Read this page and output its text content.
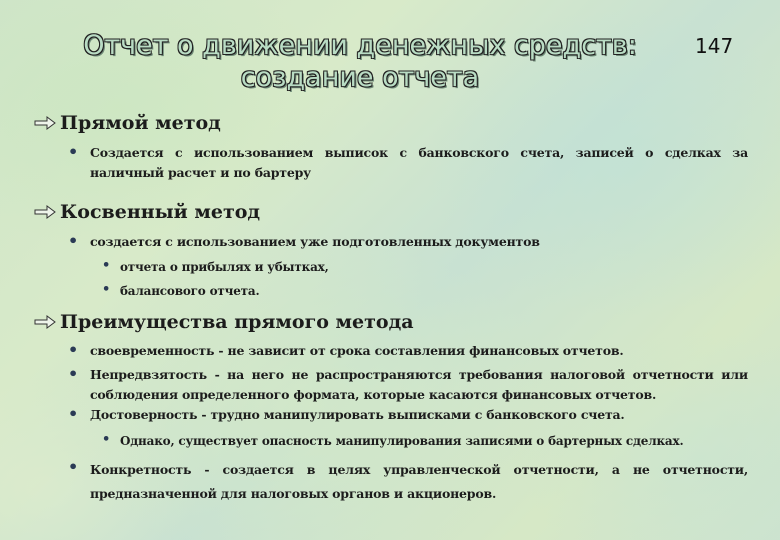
Отчет о движении денежных средств:
создание отчета
147
Прямой метод
• Создается с использованием выписок с банковского счета, записей о сделках за наличный расчет и по бартеру
Косвенный метод
• создается с использованием уже подготовленных документов
• отчета о прибылях и убытках,
• балансового отчета.
Преимущества прямого метода
• своевременность - не зависит от срока составления финансовых отчетов.
• Непредвзятость - на него не распространяются требования налоговой отчетности или соблюдения определенного формата, которые касаются финансовых отчетов.
• Достоверность - трудно манипулировать выписками с банковского счета.
• Однако, существует опасность манипулирования записями о бартерных сделках.
• Конкретность - создается в целях управленческой отчетности, а не отчетности, предназначенной для налоговых органов и акционеров.
